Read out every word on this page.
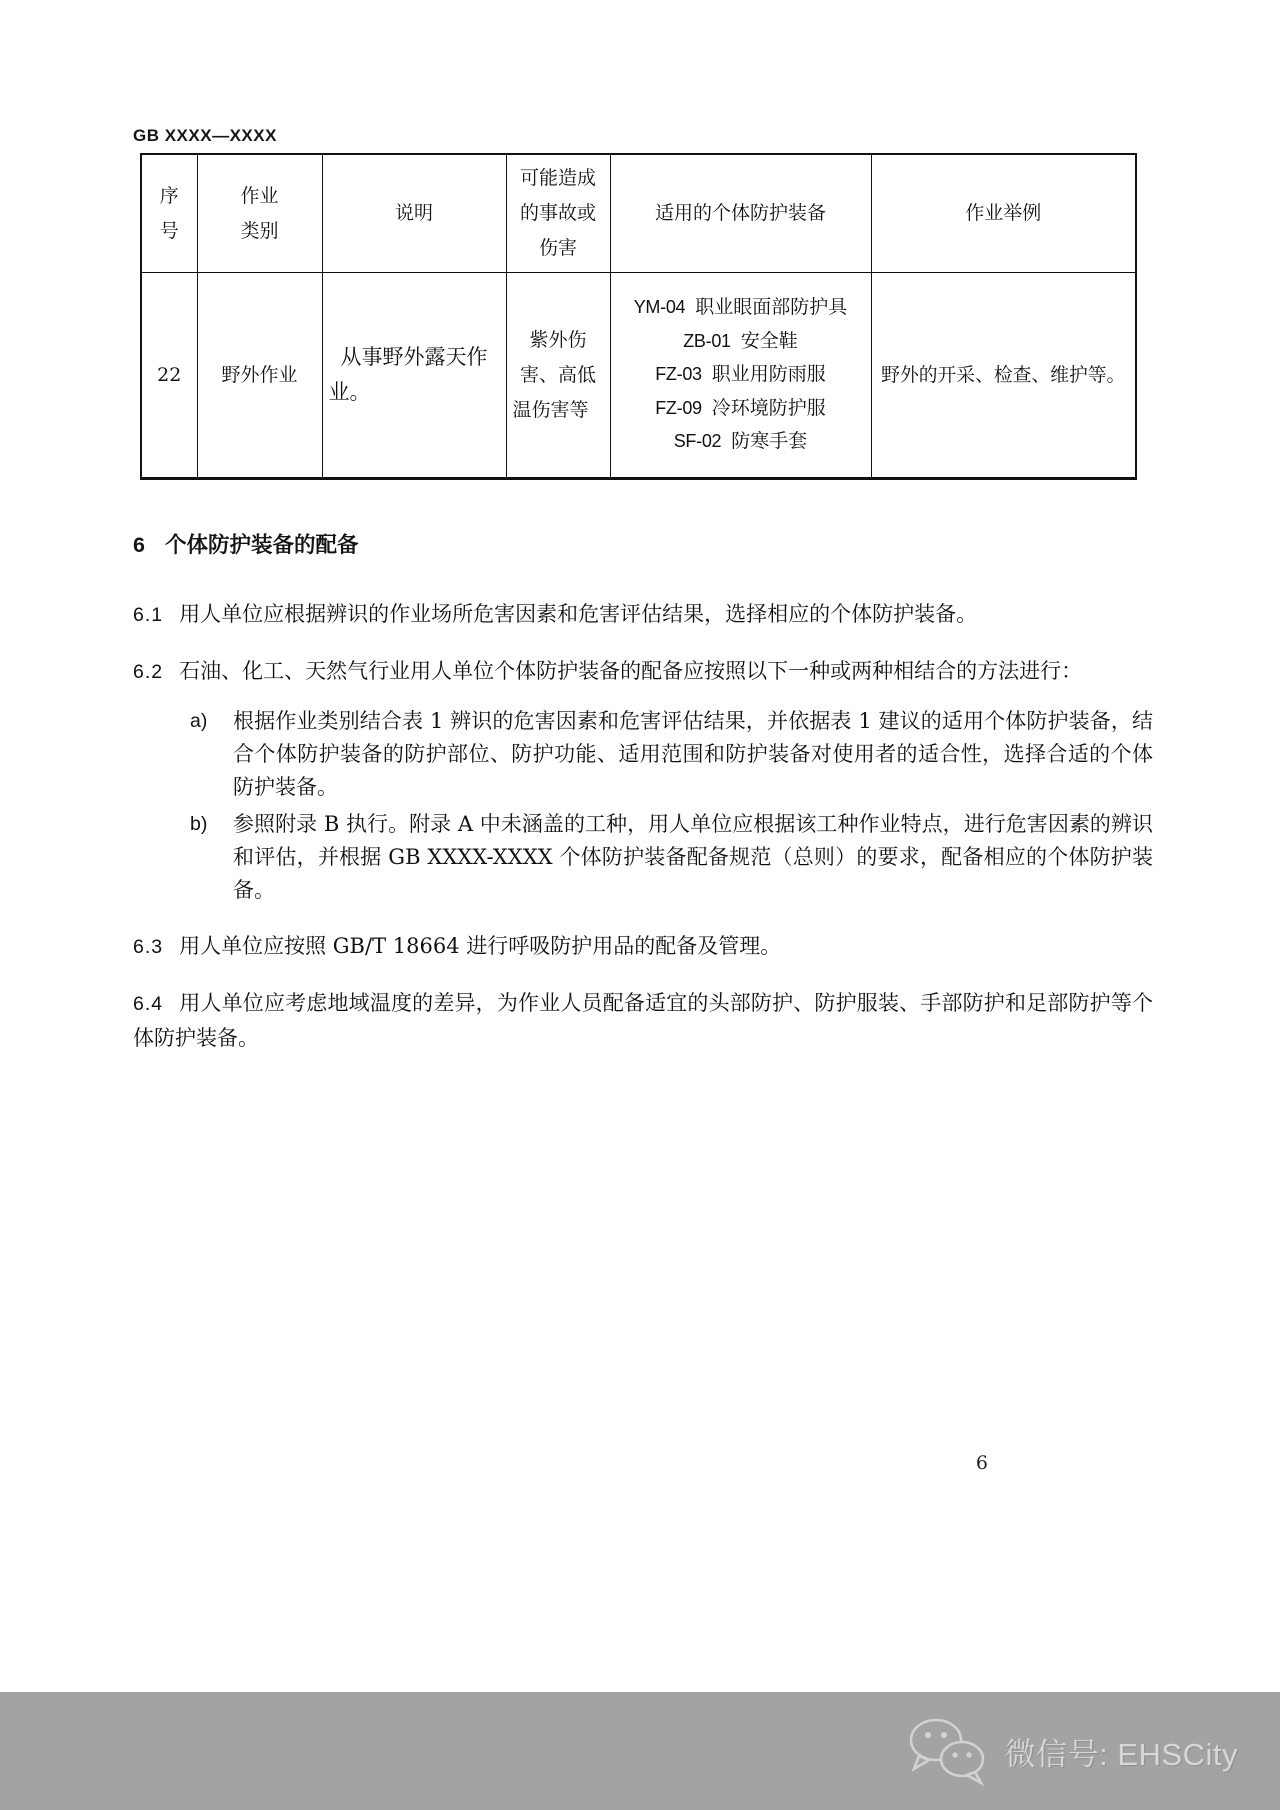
GB XXXX—XXXX
序号	作业类别	说明	可能造成的事故或伤害	适用的个体防护装备	作业举例
22	野外作业	从事野外露天作业。	紫外伤害、高低温伤害等	YM-04 职业眼面部防护具
ZB-01 安全鞋
FZ-03 职业用防雨服
FZ-09 冷环境防护服
SF-02 防寒手套	野外的开采、检查、维护等。
6 个体防护装备的配备

6.1 用人单位应根据辨识的作业场所危害因素和危害评估结果，选择相应的个体防护装备。

6.2 石油、化工、天然气行业用人单位个体防护装备的配备应按照以下一种或两种相结合的方法进行：

a)	根据作业类别结合表 1 辨识的危害因素和危害评估结果，并依据表 1 建议的适用个体防护装备，结合个体防护装备的防护部位、防护功能、适用范围和防护装备对使用者的适合性，选择合适的个体防护装备。
b)	参照附录 B 执行。附录 A 中未涵盖的工种，用人单位应根据该工种作业特点，进行危害因素的辨识和评估，并根据 GB XXXX-XXXX 个体防护装备配备规范（总则）的要求，配备相应的个体防护装备。

6.3 用人单位应按照 GB/T 18664 进行呼吸防护用品的配备及管理。

6.4 用人单位应考虑地域温度的差异，为作业人员配备适宜的头部防护、防护服装、手部防护和足部防护等个体防护装备。

6
微信号: EHSCity
